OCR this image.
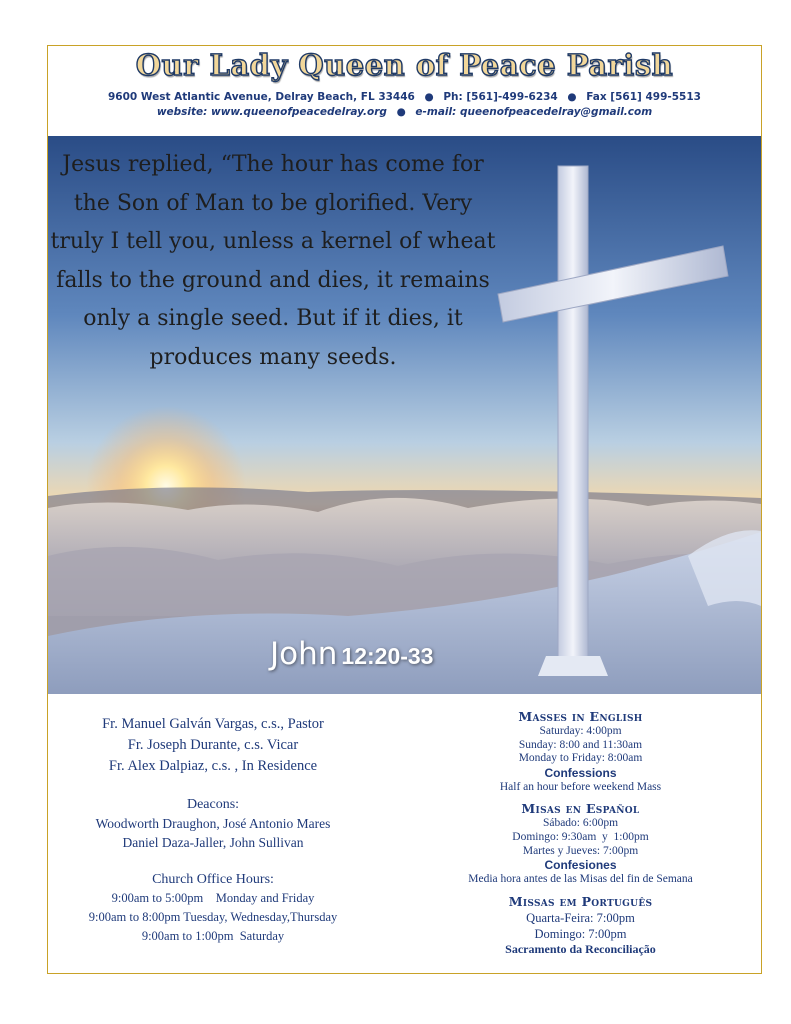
Our Lady Queen of Peace Parish
9600 West Atlantic Avenue, Delray Beach, FL 33446 ● Ph: [561]-499-6234 ● Fax [561] 499-5513
website: www.queenofpeacedelray.org ● e-mail: queenofpeacedelray@gmail.com

Jesus replied, “The hour has come for the Son of Man to be glorified. Very truly I tell you, unless a kernel of wheat falls to the ground and dies, it remains only a single seed. But if it dies, it produces many seeds.

John 12:20-33
Fr. Manuel Galván Vargas, c.s., Pastor
Fr. Joseph Durante, c.s. Vicar
Fr. Alex Dalpiaz, c.s. , In Residence
Deacons:
Woodworth Draughon, José Antonio Mares
Daniel Daza-Jaller, John Sullivan
Church Office Hours:
9:00am to 5:00pm    Monday and Friday
9:00am to 8:00pm Tuesday, Wednesday,Thursday
9:00am to 1:00pm  Saturday
Masses in English
Saturday: 4:00pm
Sunday: 8:00 and 11:30am
Monday to Friday: 8:00am
Confessions
Half an hour before weekend Mass
Misas en Español
Sábado: 6:00pm
Domingo: 9:30am  y  1:00pm
Martes y Jueves: 7:00pm
Confesiones
Media hora antes de las Misas del fin de Semana
Missas em Português
Quarta-Feira: 7:00pm
Domingo: 7:00pm
Sacramento da Reconciliação
